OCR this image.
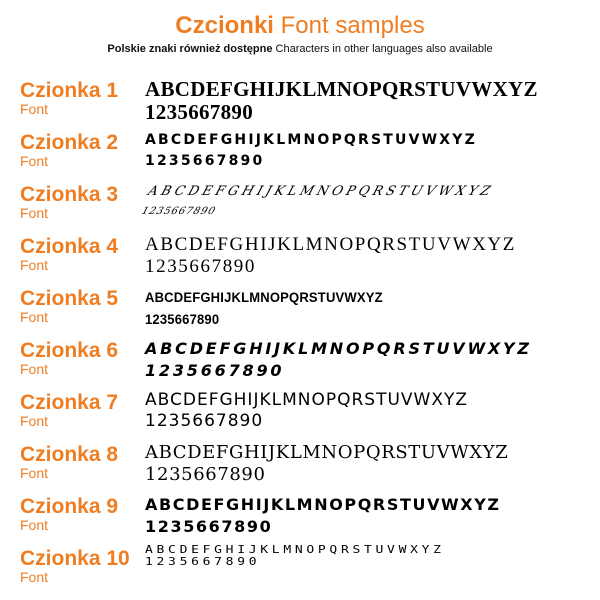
Czcionki Font samples
Polskie znaki również dostępne Characters in other languages also available
Czionka 1
Font
ABCDEFGHIJKLMNOPQRSTUVWXYZ
1235667890
Czionka 2
Font
ABCDEFGHIJKLMNOPQRSTUVWXYZ
1235667890
Czionka 3
Font
ABCDEFGHIJKLMNOPQRSTUVWXYZ
1235667890
Czionka 4
Font
ABCDEFGHIJKLMNOPQRSTUVWXYZ
1235667890
Czionka 5
Font
ABCDEFGHIJKLMNOPQRSTUVWXYZ
1235667890
Czionka 6
Font
ABCDEFGHIJKLMNOPQRSTUVWXYZ
1235667890
Czionka 7
Font
ABCDEFGHIJKLMNOPQRSTUVWXYZ
1235667890
Czionka 8
Font
ABCDEFGHIJKLMNOPQRSTUVWXYZ
1235667890
Czionka 9
Font
ABCDEFGHIJKLMNOPQRSTUVWXYZ
1235667890
Czionka 10
Font
ABCDEFGHIJKLMNOPQRSTUVWXYZ
1235667890
